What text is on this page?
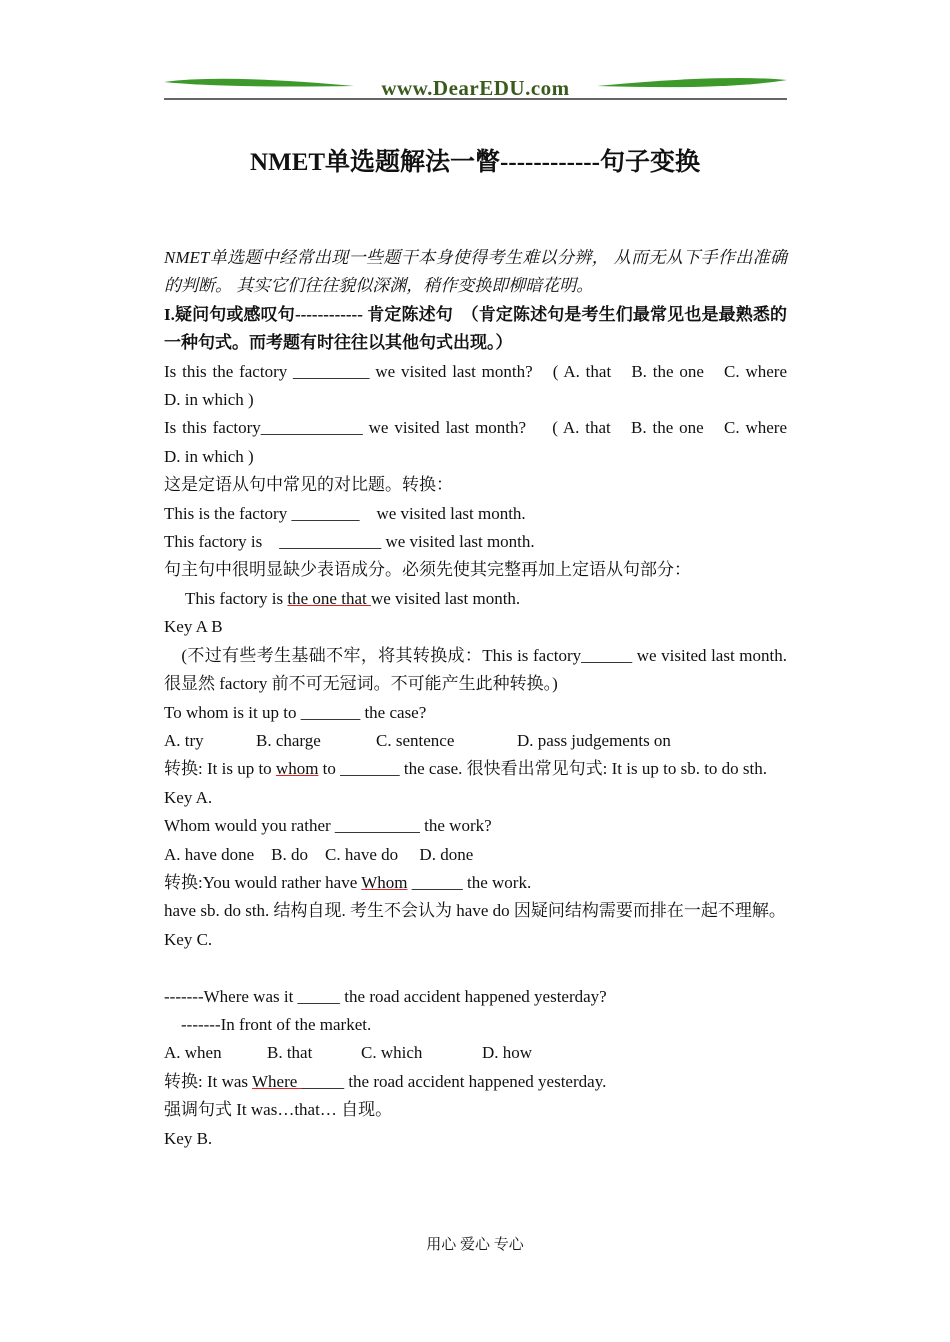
www.DearEDU.com
NMET单选题解法一瞥------------句子变换

NMET单选题中经常出现一些题干本身使得考生难以分辨， 从而无从下手作出准确的判断。 其实它们往往貌似深渊，稍作变换即柳暗花明。

I.疑问句或感叹句------------ 肯定陈述句　（肯定陈述句是考生们最常见也是最熟悉的一种句式。而考题有时往往以其他句式出现。）

Is this the factory _________ we visited last month?　( A. that　B. the one　C. where　D. in which )

Is this factory____________ we visited last month?　 ( A. that　B. the one　C. where　D. in which )

这是定语从句中常见的对比题。转换：

This is the factory ________　we visited last month.

This factory is　____________ we visited last month.

句主句中很明显缺少表语成分。必须先使其完整再加上定语从句部分：

　 This factory is the one that we visited last month.

Key A B

　(不过有些考生基础不牢，将其转换成：This is factory______ we visited last month. 很显然 factory 前不可无冠词。不可能产生此种转换。)

To whom is it up to _______ the case?

A. try	B. charge	C. sentence	D. pass judgements on

转换: It is up to whom to _______ the case. 很快看出常见句式: It is up to sb. to do sth.

Key A.

Whom would you rather __________ the work?

A. have done　B. do　C. have do　 D. done

转换:You would rather have Whom ______ the work.

have sb. do sth. 结构自现. 考生不会认为 have do 因疑问结构需要而排在一起不理解。

Key C.

-------Where was it _____ the road accident happened yesterday?

　-------In front of the market.

A. when	B. that	C. which	D. how

转换: It was Where _____ the road accident happened yesterday.

强调句式 It was…that… 自现。

Key B.

用心 爱心 专心
